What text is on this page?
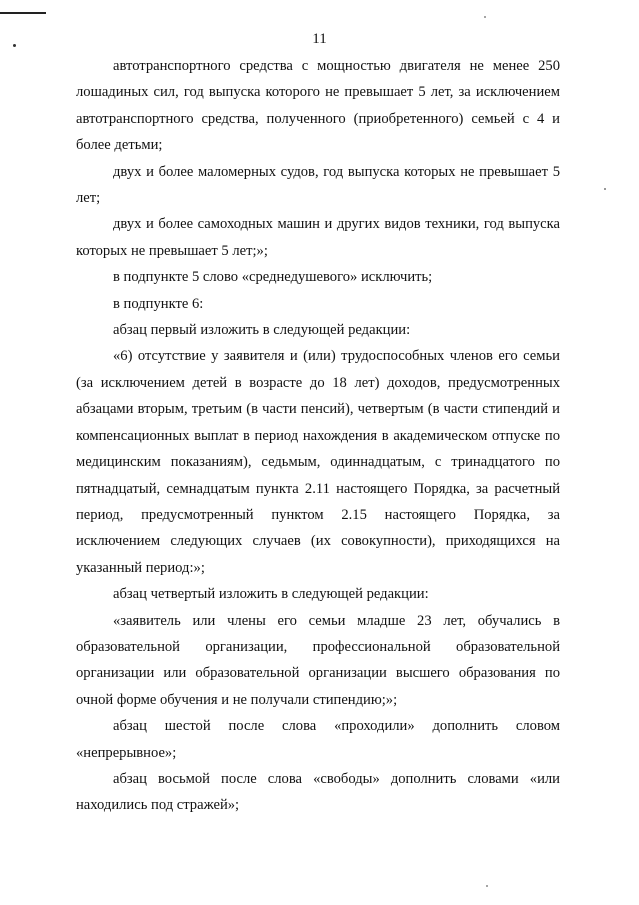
11

автотранспортного средства с мощностью двигателя не менее 250 лошадиных сил, год выпуска которого не превышает 5 лет, за исключением автотранспортного средства, полученного (приобретенного) семьей с 4 и более детьми;

двух и более маломерных судов, год выпуска которых не превышает 5 лет;

двух и более самоходных машин и других видов техники, год выпуска которых не превышает 5 лет;»;

в подпункте 5 слово «среднедушевого» исключить;

в подпункте 6:

абзац первый изложить в следующей редакции:

«6) отсутствие у заявителя и (или) трудоспособных членов его семьи (за исключением детей в возрасте до 18 лет) доходов, предусмотренных абзацами вторым, третьим (в части пенсий), четвертым (в части стипендий и компенсационных выплат в период нахождения в академическом отпуске по медицинским показаниям), седьмым, одиннадцатым, с тринадцатого по пятнадцатый, семнадцатым пункта 2.11 настоящего Порядка, за расчетный период, предусмотренный пунктом 2.15 настоящего Порядка, за исключением следующих случаев (их совокупности), приходящихся на указанный период:»;

абзац четвертый изложить в следующей редакции:

«заявитель или члены его семьи младше 23 лет, обучались в образовательной организации, профессиональной образовательной организации или образовательной организации высшего образования по очной форме обучения и не получали стипендию;»;

абзац шестой после слова «проходили» дополнить словом «непрерывное»;

абзац восьмой после слова «свободы» дополнить словами «или находились под стражей»;
